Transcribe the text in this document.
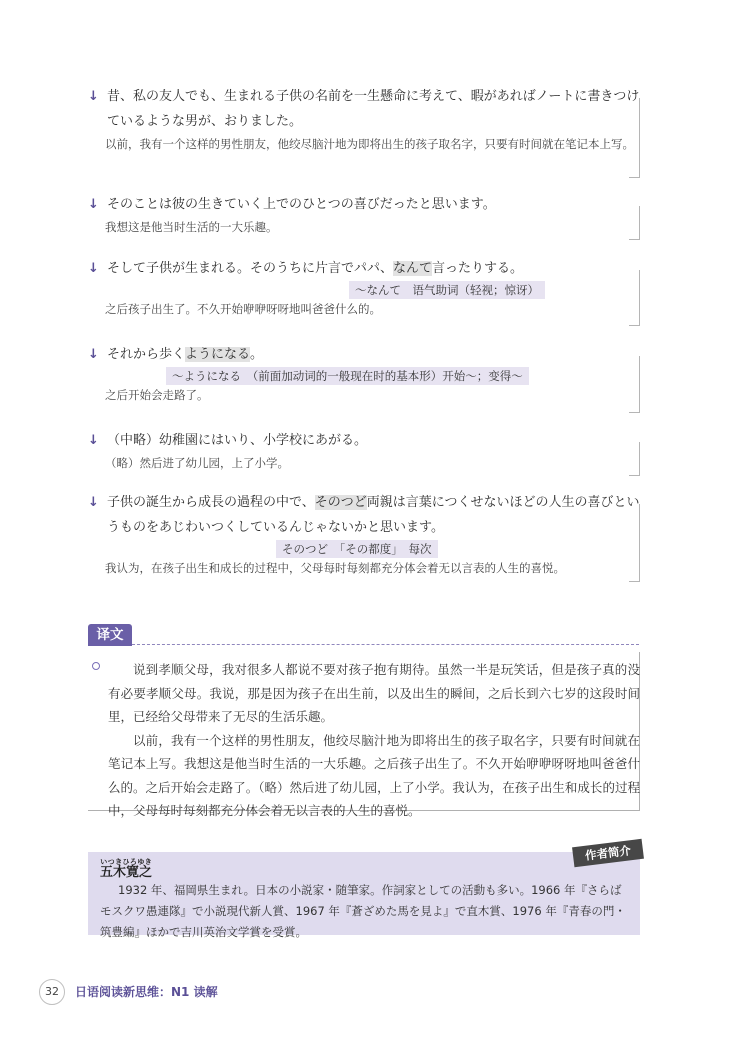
↓ 昔、私の友人でも、生まれる子供の名前を一生懸命に考えて、暇があればノートに書きつけているような男が、おりました。
以前，我有一个这样的男性朋友，他绞尽脑汁地为即将出生的孩子取名字，只要有时间就在笔记本上写。
↓ そのことは彼の生きていく上でのひとつの喜びだったと思います。
我想这是他当时生活的一大乐趣。
↓ そして子供が生まれる。そのうちに片言でパパ、なんて言ったりする。
～なんて　语气助词（轻视；惊讶）
之后孩子出生了。不久开始咿咿呀呀地叫爸爸什么的。
↓ それから歩くようになる。
～ようになる　（前面加动词的一般现在时的基本形）开始～；变得～
之后开始会走路了。
↓ （中略）幼稚園にはいり、小学校にあがる。
（略）然后进了幼儿园，上了小学。
↓ 子供の誕生から成長の過程の中で、そのつど両親は言葉につくせないほどの人生の喜びというものをあじわいつくしているんじゃないかと思います。
そのつど　「その都度」　每次
我认为，在孩子出生和成长的过程中，父母每时每刻都充分体会着无以言表的人生的喜悦。
译文

说到孝顺父母，我对很多人都说不要对孩子抱有期待。虽然一半是玩笑话，但是孩子真的没有必要孝顺父母。我说，那是因为孩子在出生前，以及出生的瞬间，之后长到六七岁的这段时间里，已经给父母带来了无尽的生活乐趣。

以前，我有一个这样的男性朋友，他绞尽脑汁地为即将出生的孩子取名字，只要有时间就在笔记本上写。我想这是他当时生活的一大乐趣。之后孩子出生了。不久开始咿咿呀呀地叫爸爸什么的。之后开始会走路了。（略）然后进了幼儿园，上了小学。我认为，在孩子出生和成长的过程中，父母每时每刻都充分体会着无以言表的人生的喜悦。

作者简介
五木寛之いつきひろゆき
1932 年、福岡県生まれ。日本の小説家・随筆家。作詞家としての活動も多い。1966 年『さらばモスクワ愚連隊』で小説現代新人賞、1967 年『蒼ざめた馬を見よ』で直木賞、1976 年『青春の門・筑豊編』ほかで吉川英治文学賞を受賞。
32	日语阅读新思维：N1 读解
